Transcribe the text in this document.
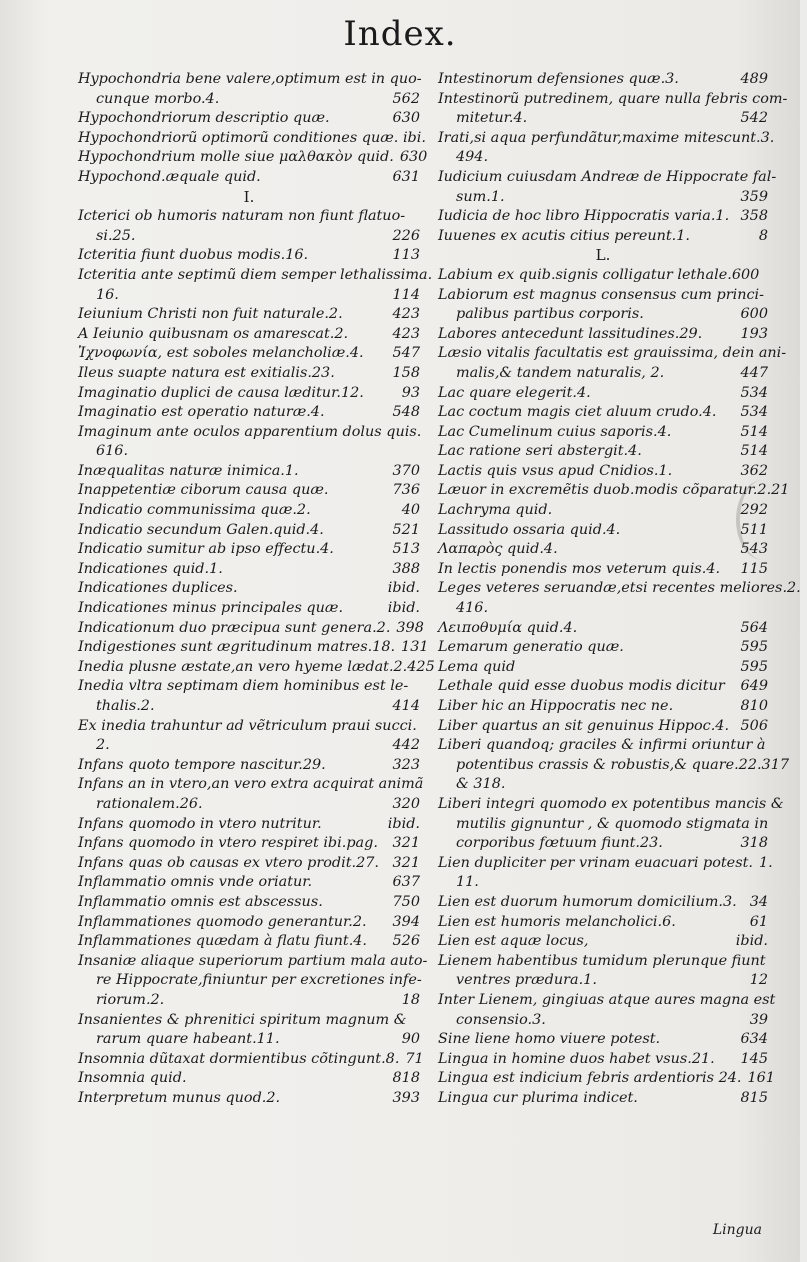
Index.
Hypochondria bene valere,optimum est in quo-
cunque morbo.4.	562
Hypochondriorum descriptio quæ.	630
Hypochondriorũ optimorũ conditiones quæ. ibi.
Hypochondrium molle siue μαλθακὸν quid. 630
Hypochond.æquale quid.	631
I.
Icterici ob humoris naturam non fiunt flatuo-
si.25.	226
Icteritia fiunt duobus modis.16.	113
Icteritia ante septimũ diem semper lethalissima.
16.	114
Ieiunium Christi non fuit naturale.2.	423
A Ieiunio quibusnam os amarescat.2.	423
Ἰχνοφωνία, est soboles melancholiæ.4.	547
Ileus suapte natura est exitialis.23.	158
Imaginatio duplici de causa læditur.12.	93
Imaginatio est operatio naturæ.4.	548
Imaginum ante oculos apparentium dolus quis.
616.
Inæqualitas naturæ inimica.1.	370
Inappetentiæ ciborum causa quæ.	736
Indicatio communissima quæ.2.	40
Indicatio secundum Galen.quid.4.	521
Indicatio sumitur ab ipso effectu.4.	513
Indicationes quid.1.	388
Indicationes duplices.	ibid.
Indicationes minus principales quæ.	ibid.
Indicationum duo præcipua sunt genera.2. 398
Indigestiones sunt ægritudinum matres.18. 131
Inedia plusne æstate,an vero hyeme lædat.2.425
Inedia vltra septimam diem hominibus est le-
thalis.2.	414
Ex inedia trahuntur ad vẽtriculum praui succi.
2.	442
Infans quoto tempore nascitur.29.	323
Infans an in vtero,an vero extra acquirat animã
rationalem.26.	320
Infans quomodo in vtero nutritur.	ibid.
Infans quomodo in vtero respiret ibi.pag.	321
Infans quas ob causas ex vtero prodit.27. 321
Inflammatio omnis vnde oriatur.	637
Inflammatio omnis est abscessus.	750
Inflammationes quomodo generantur.2.	394
Inflammationes quædam à flatu fiunt.4.	526
Insaniæ aliaque superiorum partium mala auto-
re Hippocrate,finiuntur per excretiones infe-
riorum.2.	18
Insanientes & phrenitici spiritum magnum &
rarum quare habeant.11.	90
Insomnia dũtaxat dormientibus cõtingunt.8. 71
Insomnia quid.	818
Interpretum munus quod.2.	393
Intestinorum defensiones quæ.3.	489
Intestinorũ putredinem, quare nulla febris com-
mitetur.4.	542
Irati,si aqua perfundãtur,maxime mitescunt.3.
494.
Iudicium cuiusdam Andreæ de Hippocrate fal-
sum.1.	359
Iudicia de hoc libro Hippocratis varia.1. 358
Iuuenes ex acutis citius pereunt.1.	8
L.
Labium ex quib.signis colligatur lethale.600
Labiorum est magnus consensus cum princi-
palibus partibus corporis.	600
Labores antecedunt lassitudines.29.	193
Læsio vitalis facultatis est grauissima, dein ani-
malis,& tandem naturalis, 2.	447
Lac quare elegerit.4.	534
Lac coctum magis ciet aluum crudo.4.	534
Lac Cumelinum cuius saporis.4.	514
Lac ratione seri abstergit.4.	514
Lactis quis vsus apud Cnidios.1.	362
Læuor in excremẽtis duob.modis cõparatur.2.21
Lachryma quid.	292
Lassitudo ossaria quid.4.	511
Λαπαρὸς quid.4.	543
In lectis ponendis mos veterum quis.4.	115
Leges veteres seruandæ,etsi recentes meliores.2.
416.
Λειποθυμία quid.4.	564
Lemarum generatio quæ.	595
Lema quid	595
Lethale quid esse duobus modis dicitur	649
Liber hic an Hippocratis nec ne.	810
Liber quartus an sit genuinus Hippoc.4. 506
Liberi quandoq; graciles & infirmi oriuntur à
potentibus crassis & robustis,& quare.22.317
& 318.
Liberi integri quomodo ex potentibus mancis &
mutilis gignuntur , & quomodo stigmata in
corporibus fœtuum fiunt.23.	318
Lien dupliciter per vrinam euacuari potest. 1.
11.
Lien est duorum humorum domicilium.3. 34
Lien est humoris melancholici.6.	61
Lien est aquæ locus,	ibid.
Lienem habentibus tumidum plerunque fiunt
ventres prædura.1.	12
Inter Lienem, gingiuas atque aures magna est
consensio.3.	39
Sine liene homo viuere potest.	634
Lingua in homine duos habet vsus.21.	145
Lingua est indicium febris ardentioris 24. 161
Lingua cur plurima indicet.	815
Lingua
